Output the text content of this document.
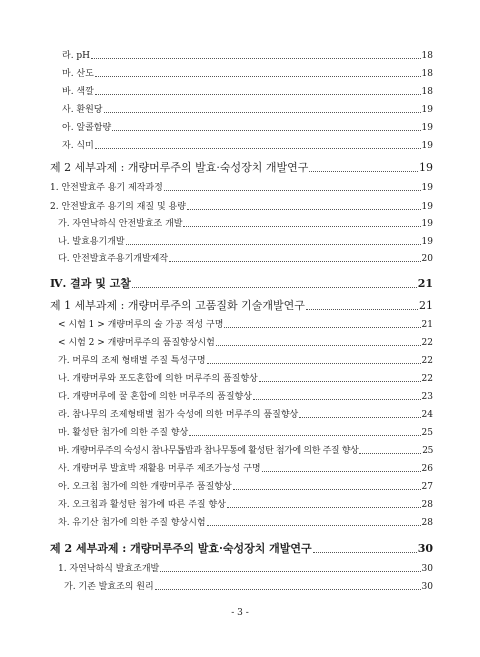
라. pH	18
마. 산도	18
바. 색깔	18
사. 환원당	19
아. 알콜함량	19
자. 식미	19
제 2 세부과제 : 개량머루주의 발효·숙성장치 개발연구	19
1. 안전발효주 용기 제작과정	19
2. 안전발효주 용기의 재질 및 용량	19
가. 자연낙하식 안전발효조 개발	19
나. 발효용기개발	19
다. 안전발효주용기개발제작	20
Ⅳ. 결과 및 고찰	21
제 1 세부과제 : 개량머루주의 고품질화 기술개발연구	21
< 시험 1 > 개량머루의 술 가공 적성 구명	21
< 시험 2 > 개량머루주의 품질향상시험	22
가. 머루의 조제 형태별 주질 특성구명	22
나. 개량머루와 포도혼합에 의한 머루주의 품질향상	22
다. 개량머루에 꿀 혼합에 의한 머루주의 품질향상	23
라. 참나무의 조제형태별 첨가 숙성에 의한 머루주의 품질향상	24
마. 활성탄 첨가에 의한 주질 향상	25
바. 개량머루주의 숙성시 참나무톱밥과 참나무통에 활성탄 첨가에 의한 주질 향상	25
사. 개량머루 발효박 재활용 머루주 제조가능성 구명	26
아. 오크칩 첨가에 의한 개량머루주 품질향상	27
자. 오크칩과 활성탄 첨가에 따른 주질 향상	28
차. 유기산 첨가에 의한 주질 향상시험	28
제 2 세부과제 : 개량머루주의 발효·숙성장치 개발연구	30
1. 자연낙하식 발효조개발	30
가. 기존 발효조의 원리	30
- 3 -
